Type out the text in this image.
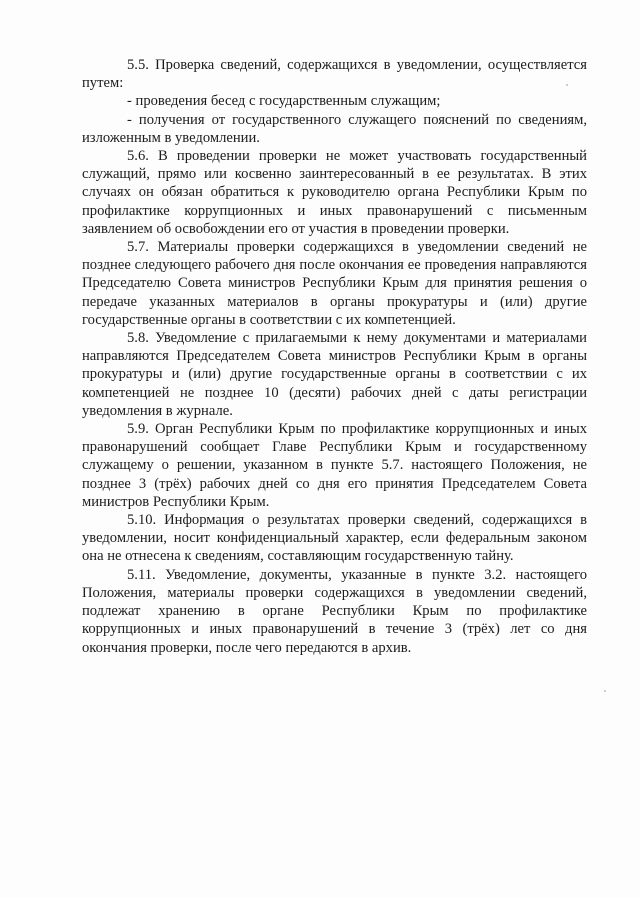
5.5. Проверка сведений, содержащихся в уведомлении, осуществляется путем:

- проведения бесед с государственным служащим;

- получения от государственного служащего пояснений по сведениям, изложенным в уведомлении.

5.6. В проведении проверки не может участвовать государственный служащий, прямо или косвенно заинтересованный в ее результатах. В этих случаях он обязан обратиться к руководителю органа Республики Крым по профилактике коррупционных и иных правонарушений с письменным заявлением об освобождении его от участия в проведении проверки.

5.7. Материалы проверки содержащихся в уведомлении сведений не позднее следующего рабочего дня после окончания ее проведения направляются Председателю Совета министров Республики Крым для принятия решения о передаче указанных материалов в органы прокуратуры и (или) другие государственные органы в соответствии с их компетенцией.

5.8. Уведомление с прилагаемыми к нему документами и материалами направляются Председателем Совета министров Республики Крым в органы прокуратуры и (или) другие государственные органы в соответствии с их компетенцией не позднее 10 (десяти) рабочих дней с даты регистрации уведомления в журнале.

5.9. Орган Республики Крым по профилактике коррупционных и иных правонарушений сообщает Главе Республики Крым и государственному служащему о решении, указанном в пункте 5.7. настоящего Положения, не позднее 3 (трёх) рабочих дней со дня его принятия Председателем Совета министров Республики Крым.

5.10. Информация о результатах проверки сведений, содержащихся в уведомлении, носит конфиденциальный характер, если федеральным законом она не отнесена к сведениям, составляющим государственную тайну.

5.11. Уведомление, документы, указанные в пункте 3.2. настоящего Положения, материалы проверки содержащихся в уведомлении сведений, подлежат хранению в органе Республики Крым по профилактике коррупционных и иных правонарушений в течение 3 (трёх) лет со дня окончания проверки, после чего передаются в архив.
